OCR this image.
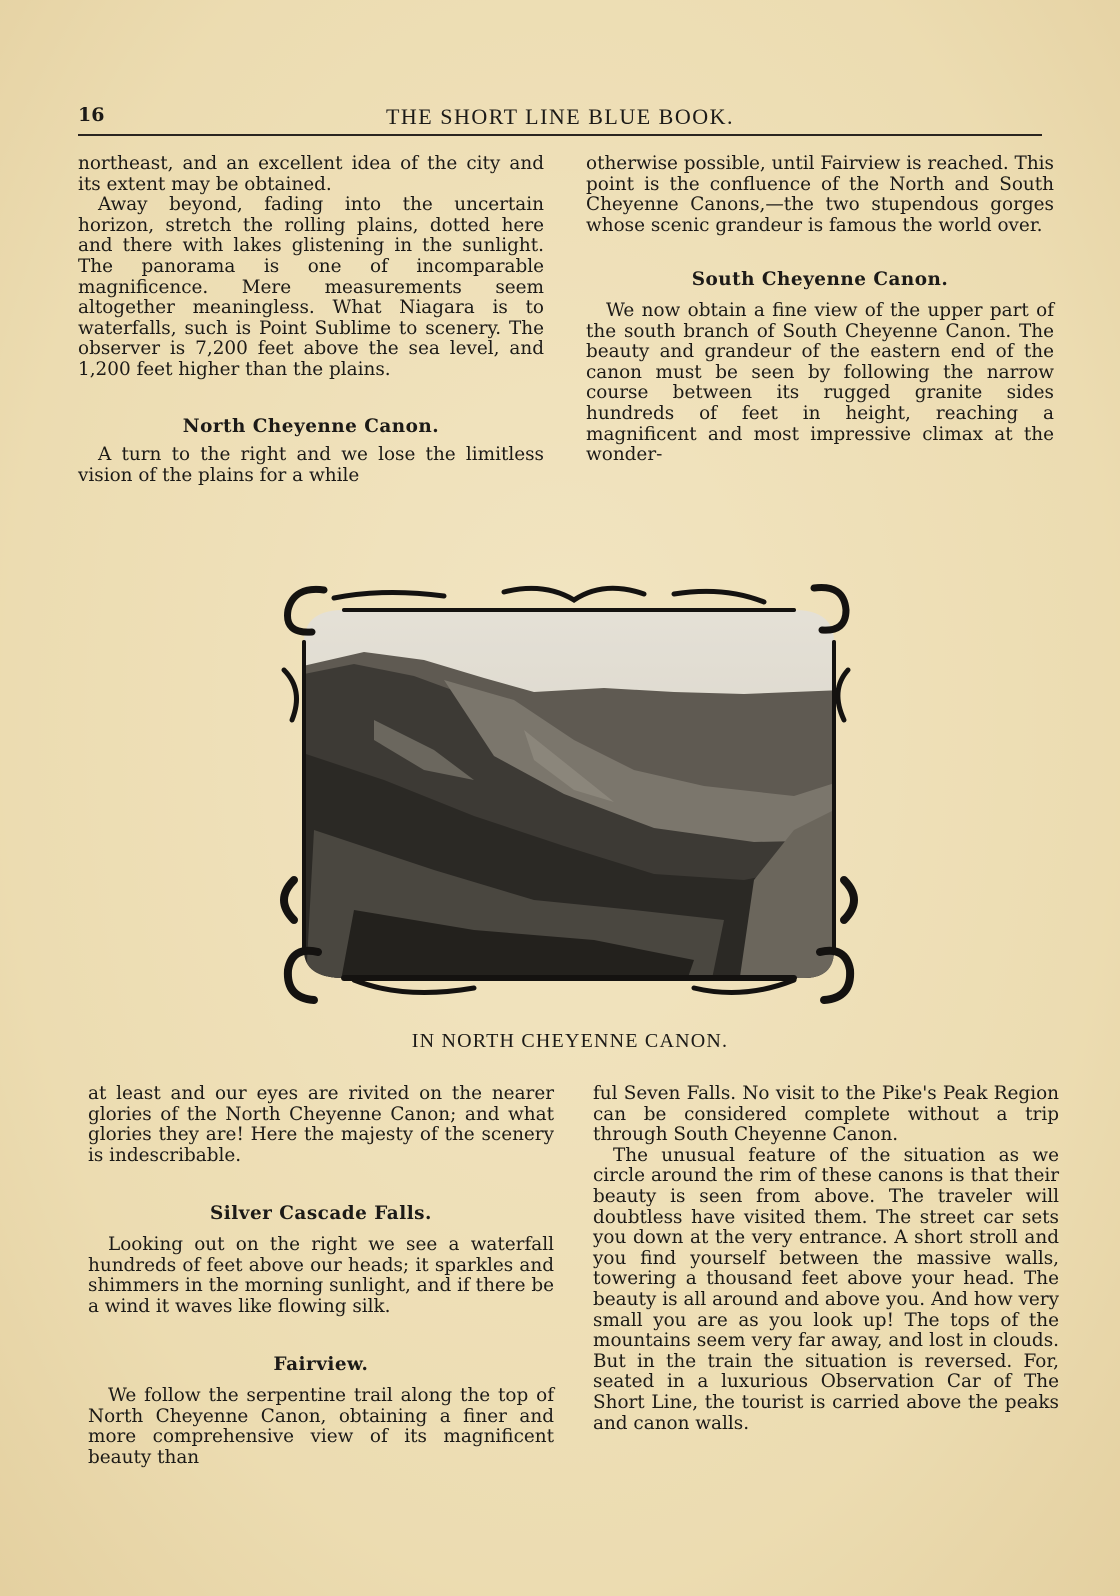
16	THE SHORT LINE BLUE BOOK.

northeast, and an excellent idea of the city and its extent may be obtained.

Away beyond, fading into the uncertain horizon, stretch the rolling plains, dotted here and there with lakes glistening in the sunlight. The panorama is one of incomparable magnificence. Mere measurements seem altogether meaningless. What Niagara is to waterfalls, such is Point Sublime to scenery. The observer is 7,200 feet above the sea level, and 1,200 feet higher than the plains.

North Cheyenne Canon.

A turn to the right and we lose the limitless vision of the plains for a while

otherwise possible, until Fairview is reached. This point is the confluence of the North and South Cheyenne Canons,—the two stupendous gorges whose scenic grandeur is famous the world over.

South Cheyenne Canon.

We now obtain a fine view of the upper part of the south branch of South Cheyenne Canon. The beauty and grandeur of the eastern end of the canon must be seen by following the narrow course between its rugged granite sides hundreds of feet in height, reaching a magnificent and most impressive climax at the wonder-

IN NORTH CHEYENNE CANON.

at least and our eyes are rivited on the nearer glories of the North Cheyenne Canon; and what glories they are! Here the majesty of the scenery is indescribable.

Silver Cascade Falls.

Looking out on the right we see a waterfall hundreds of feet above our heads; it sparkles and shimmers in the morning sunlight, and if there be a wind it waves like flowing silk.

Fairview.

We follow the serpentine trail along the top of North Cheyenne Canon, obtaining a finer and more comprehensive view of its magnificent beauty than

ful Seven Falls. No visit to the Pike's Peak Region can be considered complete without a trip through South Cheyenne Canon.

The unusual feature of the situation as we circle around the rim of these canons is that their beauty is seen from above. The traveler will doubtless have visited them. The street car sets you down at the very entrance. A short stroll and you find yourself between the massive walls, towering a thousand feet above your head. The beauty is all around and above you. And how very small you are as you look up! The tops of the mountains seem very far away, and lost in clouds. But in the train the situation is reversed. For, seated in a luxurious Observation Car of The Short Line, the tourist is carried above the peaks and canon walls.
